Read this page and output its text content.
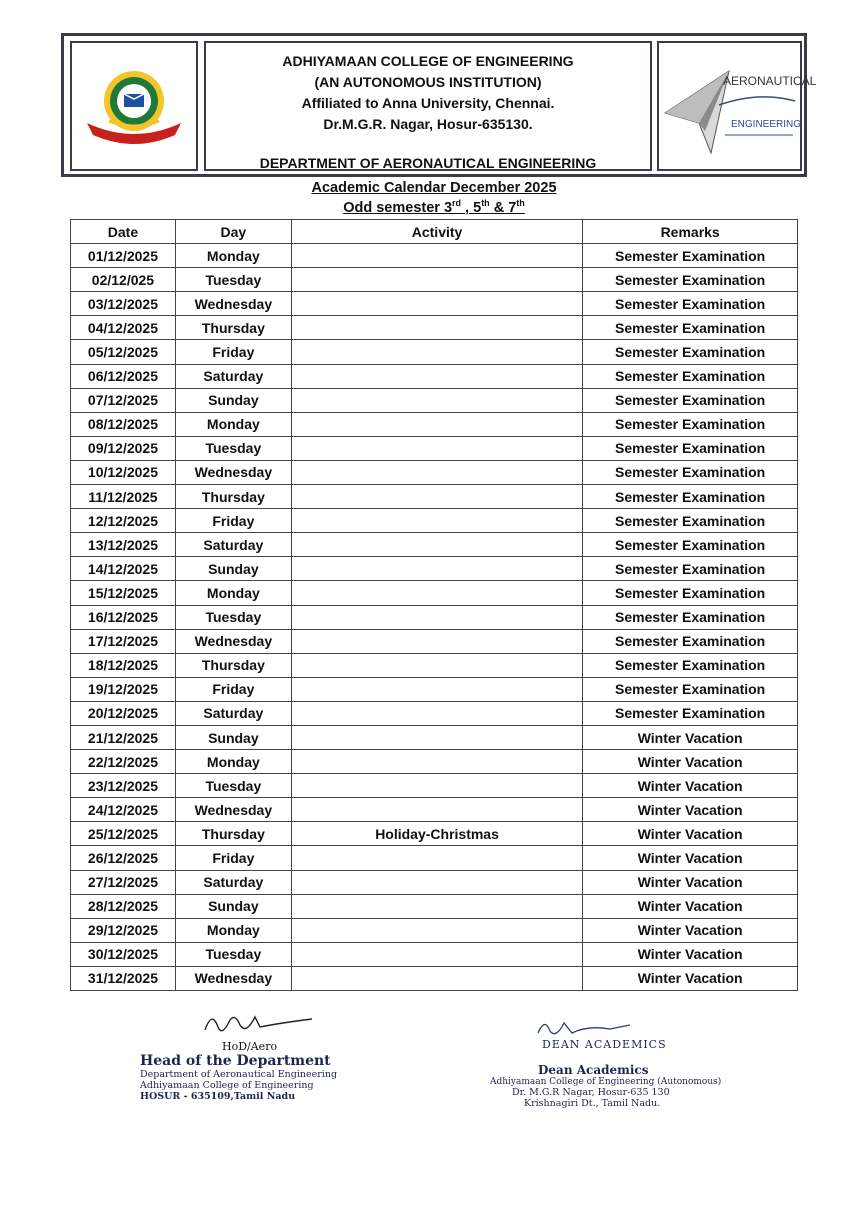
ADHIYAMAAN COLLEGE OF ENGINEERING
(AN AUTONOMOUS INSTITUTION)
Affiliated to Anna University, Chennai.
Dr.M.G.R. Nagar, Hosur-635130.
DEPARTMENT OF AERONAUTICAL ENGINEERING
AERONAUTICAL
ENGINEERING
Academic Calendar December 2025
Odd semester 3rd , 5th & 7th
Date	Day	Activity	Remarks
01/12/2025	Monday		Semester Examination
02/12/025	Tuesday		Semester Examination
03/12/2025	Wednesday		Semester Examination
04/12/2025	Thursday		Semester Examination
05/12/2025	Friday		Semester Examination
06/12/2025	Saturday		Semester Examination
07/12/2025	Sunday		Semester Examination
08/12/2025	Monday		Semester Examination
09/12/2025	Tuesday		Semester Examination
10/12/2025	Wednesday		Semester Examination
11/12/2025	Thursday		Semester Examination
12/12/2025	Friday		Semester Examination
13/12/2025	Saturday		Semester Examination
14/12/2025	Sunday		Semester Examination
15/12/2025	Monday		Semester Examination
16/12/2025	Tuesday		Semester Examination
17/12/2025	Wednesday		Semester Examination
18/12/2025	Thursday		Semester Examination
19/12/2025	Friday		Semester Examination
20/12/2025	Saturday		Semester Examination
21/12/2025	Sunday		Winter Vacation
22/12/2025	Monday		Winter Vacation
23/12/2025	Tuesday		Winter Vacation
24/12/2025	Wednesday		Winter Vacation
25/12/2025	Thursday	Holiday-Christmas	Winter Vacation
26/12/2025	Friday		Winter Vacation
27/12/2025	Saturday		Winter Vacation
28/12/2025	Sunday		Winter Vacation
29/12/2025	Monday		Winter Vacation
30/12/2025	Tuesday		Winter Vacation
31/12/2025	Wednesday		Winter Vacation
HoD/Aero
Head of the Department
Department of Aeronautical Engineering
Adhiyamaan College of Engineering
HOSUR - 635109,Tamil Nadu
DEAN ACADEMICS
Dean Academics
Adhiyamaan College of Engineering (Autonomous)
Dr. M.G.R Nagar, Hosur-635 130
Krishnagiri Dt., Tamil Nadu.
